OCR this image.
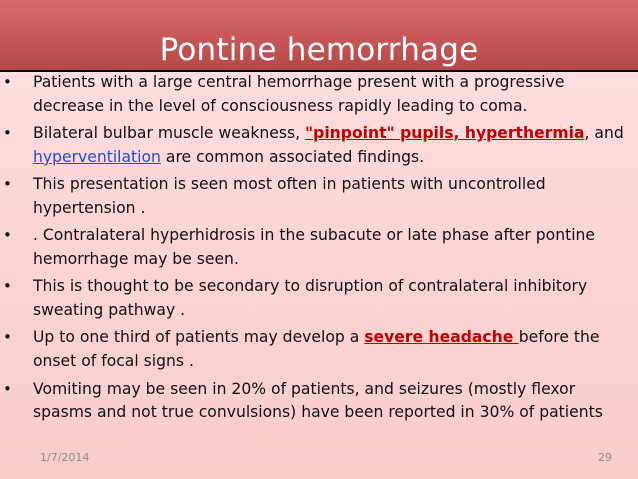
Pontine hemorrhage
• Patients with a large central hemorrhage present with a progressive decrease in the level of consciousness rapidly leading to coma.
• Bilateral bulbar muscle weakness, "pinpoint" pupils, hyperthermia, and hyperventilation are common associated findings.
• This presentation is seen most often in patients with uncontrolled hypertension .
• . Contralateral hyperhidrosis in the subacute or late phase after pontine hemorrhage may be seen.
• This is thought to be secondary to disruption of contralateral inhibitory sweating pathway .
• Up to one third of patients may develop a severe headache before the onset of focal signs .
• Vomiting may be seen in 20% of patients, and seizures (mostly flexor spasms and not true convulsions) have been reported in 30% of patients
1/7/2014	29
